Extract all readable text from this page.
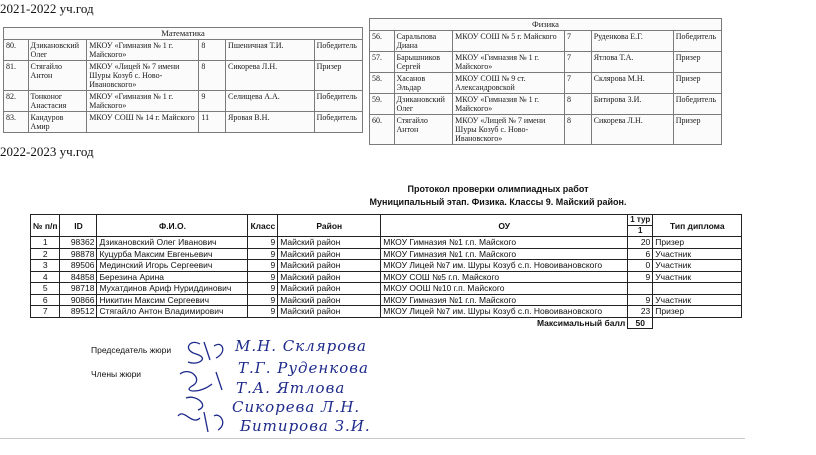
2021-2022 уч.год
2022-2023 уч.год
Математика					
80.	Дзикановский Олег	МКОУ «Гимназия № 1 г. Майского»	8	Пшеничная Т.И.	Победитель
81.	Стягайло Антон	МКОУ «Лицей № 7 имени Шуры Козуб с. Ново-Ивановского»	8	Сикорева Л.Н.	Призер
82.	Тонконог Анастасия	МКОУ «Гимназия № 1 г. Майского»	9	Селищева А.А.	Победитель
83.	Кандуров Амир	МКОУ СОШ № 14 г. Майского	11	Яровая В.Н.	Победитель
Физика					
56.	Саральпова Диана	МКОУ СОШ № 5 г. Майского	7	Руденкова Е.Г.	Победитель
57.	Барышников Сергей	МКОУ «Гимназия № 1 г. Майского»	7	Ятлова Т.А.	Призер
58.	Хасанов Эльдар	МКОУ СОШ № 9 ст. Александровской	7	Склярова М.Н.	Призер
59.	Дзикановский Олег	МКОУ «Гимназия № 1 г. Майского»	8	Битирова З.И.	Победитель
60.	Стягайло Антон	МКОУ «Лицей № 7 имени Шуры Козуб с. Ново-Ивановского»	8	Сикорева Л.Н.	Призер
Протокол проверки олимпиадных работ
Муниципальный этап. Физика. Классы 9. Майский район.
№ п/п	ID	Ф.И.О.	Класс	Район	ОУ	1 тур	Тип диплома
						1	
1	98362	Дзикановский Олег Иванович	9	Майский район	МКОУ Гимназия №1 г.п. Майского	20	Призер
2	98878	Куцурба Максим Евгеньевич	9	Майский район	МКОУ Гимназия №1 г.п. Майского	6	Участник
3	89506	Мединский Игорь Сергеевич	9	Майский район	МКОУ Лицей №7 им. Шуры Козуб с.п. Новоивановского	0	Участник
4	84858	Березина Арина	9	Майский район	МКОУ СОШ №5 г.п. Майского	9	Участник
5	98718	Мухатдинов Ариф Нуриддинович	9	Майский район	МКОУ ООШ №10 г.п. Майского		
6	90866	Никитин Максим Сергеевич	9	Майский район	МКОУ Гимназия №1 г.п. Майского	9	Участник
7	89512	Стягайло Антон Владимирович	9	Майский район	МКОУ Лицей №7 им. Шуры Козуб с.п. Новоивановского	23	Призер
Максимальный балл						50	
Председатель жюри
Члены жюри
М.Н. Склярова
Т.Г. Руденкова
Т.А. Ятлова
Сикорева Л.Н.
Битирова З.И.
